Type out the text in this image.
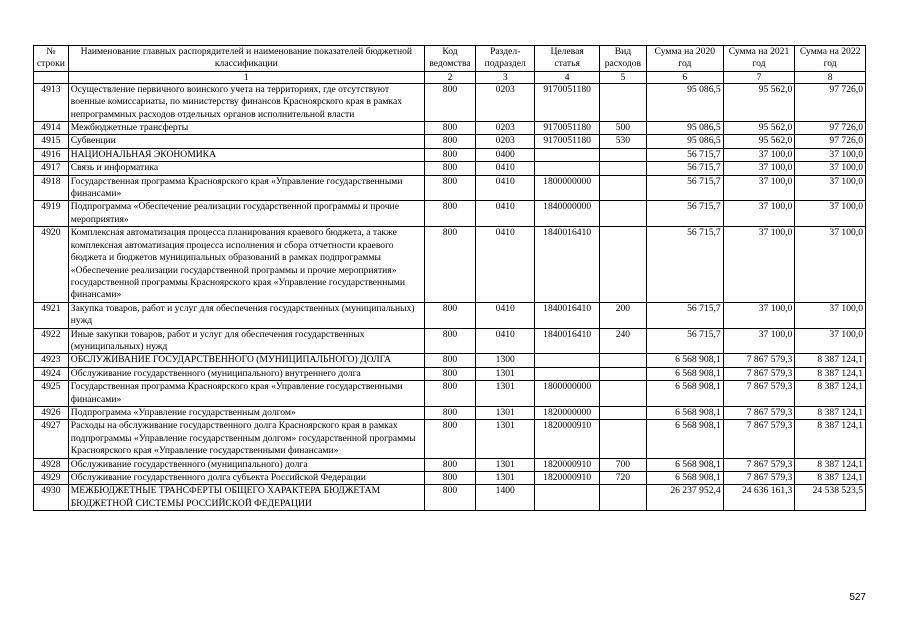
№ строки	Наименование главных распорядителей и наименование показателей бюджетной классификации	Код ведомства	Раздел-подраздел	Целевая статья	Вид расходов	Сумма на 2020 год	Сумма на 2021 год	Сумма на 2022 год
	1	2	3	4	5	6	7	8
4913	Осуществление первичного воинского учета на территориях, где отсутствуют военные комиссариаты, по министерству финансов Красноярского края в рамках непрограммных расходов отдельных органов исполнительной власти	800	0203	9170051180		95 086,5	95 562,0	97 726,0
4914	Межбюджетные трансферты	800	0203	9170051180	500	95 086,5	95 562,0	97 726,0
4915	Субвенции	800	0203	9170051180	530	95 086,5	95 562,0	97 726,0
4916	НАЦИОНАЛЬНАЯ ЭКОНОМИКА	800	0400			56 715,7	37 100,0	37 100,0
4917	Связь и информатика	800	0410			56 715,7	37 100,0	37 100,0
4918	Государственная программа Красноярского края «Управление государственными финансами»	800	0410	1800000000		56 715,7	37 100,0	37 100,0
4919	Подпрограмма «Обеспечение реализации государственной программы и прочие мероприятия»	800	0410	1840000000		56 715,7	37 100,0	37 100,0
4920	Комплексная автоматизация процесса планирования краевого бюджета, а также комплексная автоматизация процесса исполнения и сбора отчетности краевого бюджета и бюджетов муниципальных образований в рамках подпрограммы «Обеспечение реализации государственной программы и прочие мероприятия» государственной программы Красноярского края «Управление государственными финансами»	800	0410	1840016410		56 715,7	37 100,0	37 100,0
4921	Закупка товаров, работ и услуг для обеспечения государственных (муниципальных) нужд	800	0410	1840016410	200	56 715,7	37 100,0	37 100,0
4922	Иные закупки товаров, работ и услуг для обеспечения государственных (муниципальных) нужд	800	0410	1840016410	240	56 715,7	37 100,0	37 100,0
4923	ОБСЛУЖИВАНИЕ ГОСУДАРСТВЕННОГО (МУНИЦИПАЛЬНОГО) ДОЛГА	800	1300			6 568 908,1	7 867 579,3	8 387 124,1
4924	Обслуживание государственного (муниципального) внутреннего долга	800	1301			6 568 908,1	7 867 579,3	8 387 124,1
4925	Государственная программа Красноярского края «Управление государственными финансами»	800	1301	1800000000		6 568 908,1	7 867 579,3	8 387 124,1
4926	Подпрограмма «Управление государственным долгом»	800	1301	1820000000		6 568 908,1	7 867 579,3	8 387 124,1
4927	Расходы на обслуживание государственного долга Красноярского края в рамках подпрограммы «Управление государственным долгом» государственной программы Красноярского края «Управление государственными финансами»	800	1301	1820000910		6 568 908,1	7 867 579,3	8 387 124,1
4928	Обслуживание государственного (муниципального) долга	800	1301	1820000910	700	6 568 908,1	7 867 579,3	8 387 124,1
4929	Обслуживание государственного долга субъекта Российской Федерации	800	1301	1820000910	720	6 568 908,1	7 867 579,3	8 387 124,1
4930	МЕЖБЮДЖЕТНЫЕ ТРАНСФЕРТЫ ОБЩЕГО ХАРАКТЕРА БЮДЖЕТАМ БЮДЖЕТНОЙ СИСТЕМЫ РОССИЙСКОЙ ФЕДЕРАЦИИ	800	1400			26 237 952,4	24 636 161,3	24 538 523,5
527
